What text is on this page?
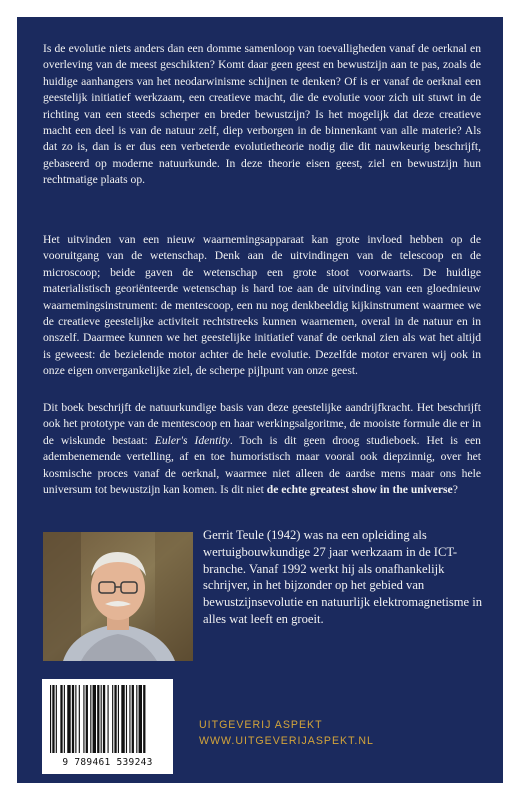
Is de evolutie niets anders dan een domme samenloop van toevalligheden vanaf de oerknal en overleving van de meest geschikten? Komt daar geen geest en bewustzijn aan te pas, zoals de huidige aanhangers van het neodarwinisme schijnen te denken? Of is er vanaf de oerknal een geestelijk initiatief werkzaam, een creatieve macht, die de evolutie voor zich uit stuwt in de richting van een steeds scherper en breder bewustzijn? Is het mogelijk dat deze creatieve macht een deel is van de natuur zelf, diep verborgen in de binnenkant van alle materie? Als dat zo is, dan is er dus een verbeterde evolutietheorie nodig die dit nauwkeurig beschrijft, gebaseerd op moderne natuurkunde. In deze theorie eisen geest, ziel en bewustzijn hun rechtmatige plaats op.

Het uitvinden van een nieuw waarnemingsapparaat kan grote invloed hebben op de vooruitgang van de wetenschap. Denk aan de uitvindingen van de telescoop en de microscoop; beide gaven de wetenschap een grote stoot voorwaarts. De huidige materialistisch georiënteerde wetenschap is hard toe aan de uitvinding van een gloednieuw waarnemingsinstrument: de mentescoop, een nu nog denkbeeldig kijkinstrument waarmee we de creatieve geestelijke activiteit rechtstreeks kunnen waarnemen, overal in de natuur en in onszelf. Daarmee kunnen we het geestelijke initiatief vanaf de oerknal zien als wat het altijd is geweest: de bezielende motor achter de hele evolutie. Dezelfde motor ervaren wij ook in onze eigen onvergankelijke ziel, de scherpe pijlpunt van onze geest.

Dit boek beschrijft de natuurkundige basis van deze geestelijke aandrijfkracht. Het beschrijft ook het prototype van de mentescoop en haar werkingsalgoritme, de mooiste formule die er in de wiskunde bestaat: Euler's Identity. Toch is dit geen droog studieboek. Het is een adembenemende vertelling, af en toe humoristisch maar vooral ook diepzinnig, over het kosmische proces vanaf de oerknal, waarmee niet alleen de aardse mens maar ons hele universum tot bewustzijn kan komen. Is dit niet de echte greatest show in the universe?

Gerrit Teule (1942) was na een opleiding als wertuigbouwkundige 27 jaar werkzaam in de ICT-branche. Vanaf 1992 werkt hij als onafhankelijk schrijver, in het bijzonder op het gebied van bewustzijnsevolutie en natuurlijk elektromagnetisme in alles wat leeft en groeit.

9 789461 539243
UITGEVERIJ ASPEKT
WWW.UITGEVERIJASPEKT.NL
